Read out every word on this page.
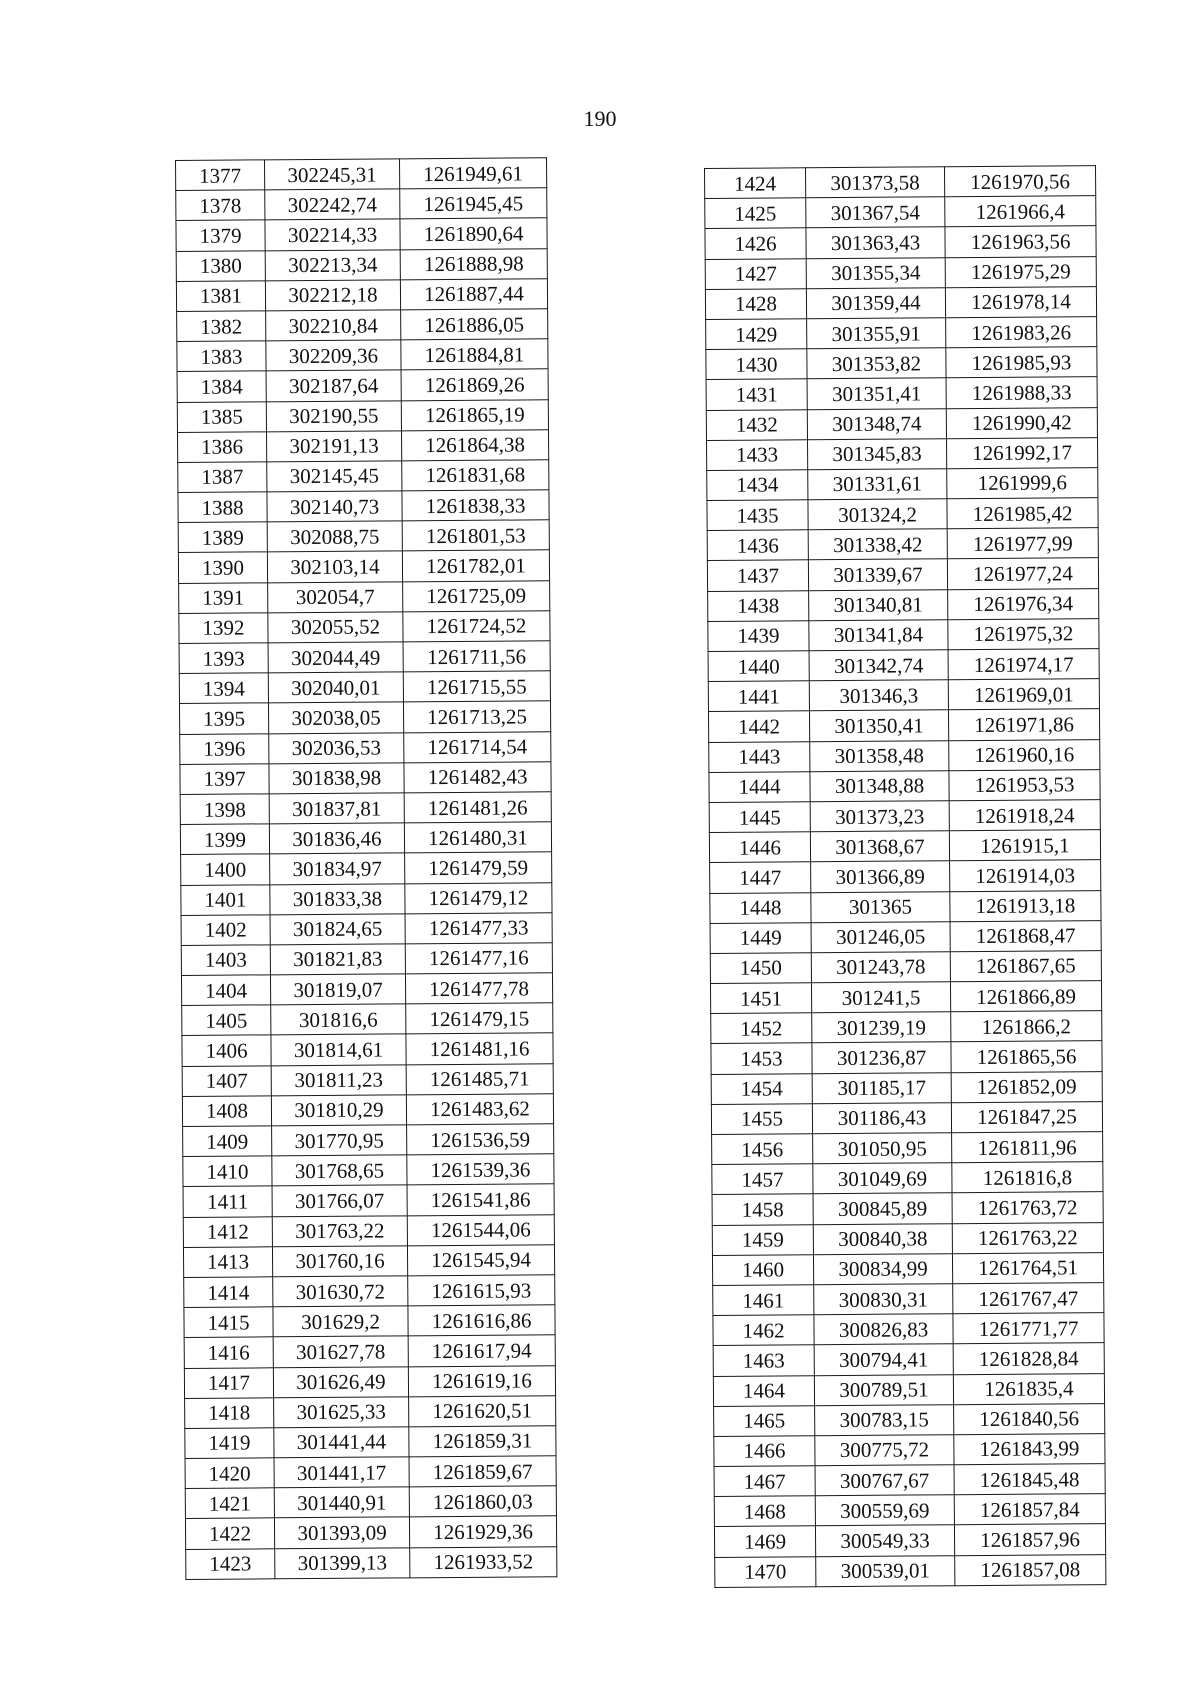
190
1377	302245,31	1261949,61
1378	302242,74	1261945,45
1379	302214,33	1261890,64
1380	302213,34	1261888,98
1381	302212,18	1261887,44
1382	302210,84	1261886,05
1383	302209,36	1261884,81
1384	302187,64	1261869,26
1385	302190,55	1261865,19
1386	302191,13	1261864,38
1387	302145,45	1261831,68
1388	302140,73	1261838,33
1389	302088,75	1261801,53
1390	302103,14	1261782,01
1391	302054,7	1261725,09
1392	302055,52	1261724,52
1393	302044,49	1261711,56
1394	302040,01	1261715,55
1395	302038,05	1261713,25
1396	302036,53	1261714,54
1397	301838,98	1261482,43
1398	301837,81	1261481,26
1399	301836,46	1261480,31
1400	301834,97	1261479,59
1401	301833,38	1261479,12
1402	301824,65	1261477,33
1403	301821,83	1261477,16
1404	301819,07	1261477,78
1405	301816,6	1261479,15
1406	301814,61	1261481,16
1407	301811,23	1261485,71
1408	301810,29	1261483,62
1409	301770,95	1261536,59
1410	301768,65	1261539,36
1411	301766,07	1261541,86
1412	301763,22	1261544,06
1413	301760,16	1261545,94
1414	301630,72	1261615,93
1415	301629,2	1261616,86
1416	301627,78	1261617,94
1417	301626,49	1261619,16
1418	301625,33	1261620,51
1419	301441,44	1261859,31
1420	301441,17	1261859,67
1421	301440,91	1261860,03
1422	301393,09	1261929,36
1423	301399,13	1261933,52
1424	301373,58	1261970,56
1425	301367,54	1261966,4
1426	301363,43	1261963,56
1427	301355,34	1261975,29
1428	301359,44	1261978,14
1429	301355,91	1261983,26
1430	301353,82	1261985,93
1431	301351,41	1261988,33
1432	301348,74	1261990,42
1433	301345,83	1261992,17
1434	301331,61	1261999,6
1435	301324,2	1261985,42
1436	301338,42	1261977,99
1437	301339,67	1261977,24
1438	301340,81	1261976,34
1439	301341,84	1261975,32
1440	301342,74	1261974,17
1441	301346,3	1261969,01
1442	301350,41	1261971,86
1443	301358,48	1261960,16
1444	301348,88	1261953,53
1445	301373,23	1261918,24
1446	301368,67	1261915,1
1447	301366,89	1261914,03
1448	301365	1261913,18
1449	301246,05	1261868,47
1450	301243,78	1261867,65
1451	301241,5	1261866,89
1452	301239,19	1261866,2
1453	301236,87	1261865,56
1454	301185,17	1261852,09
1455	301186,43	1261847,25
1456	301050,95	1261811,96
1457	301049,69	1261816,8
1458	300845,89	1261763,72
1459	300840,38	1261763,22
1460	300834,99	1261764,51
1461	300830,31	1261767,47
1462	300826,83	1261771,77
1463	300794,41	1261828,84
1464	300789,51	1261835,4
1465	300783,15	1261840,56
1466	300775,72	1261843,99
1467	300767,67	1261845,48
1468	300559,69	1261857,84
1469	300549,33	1261857,96
1470	300539,01	1261857,08
